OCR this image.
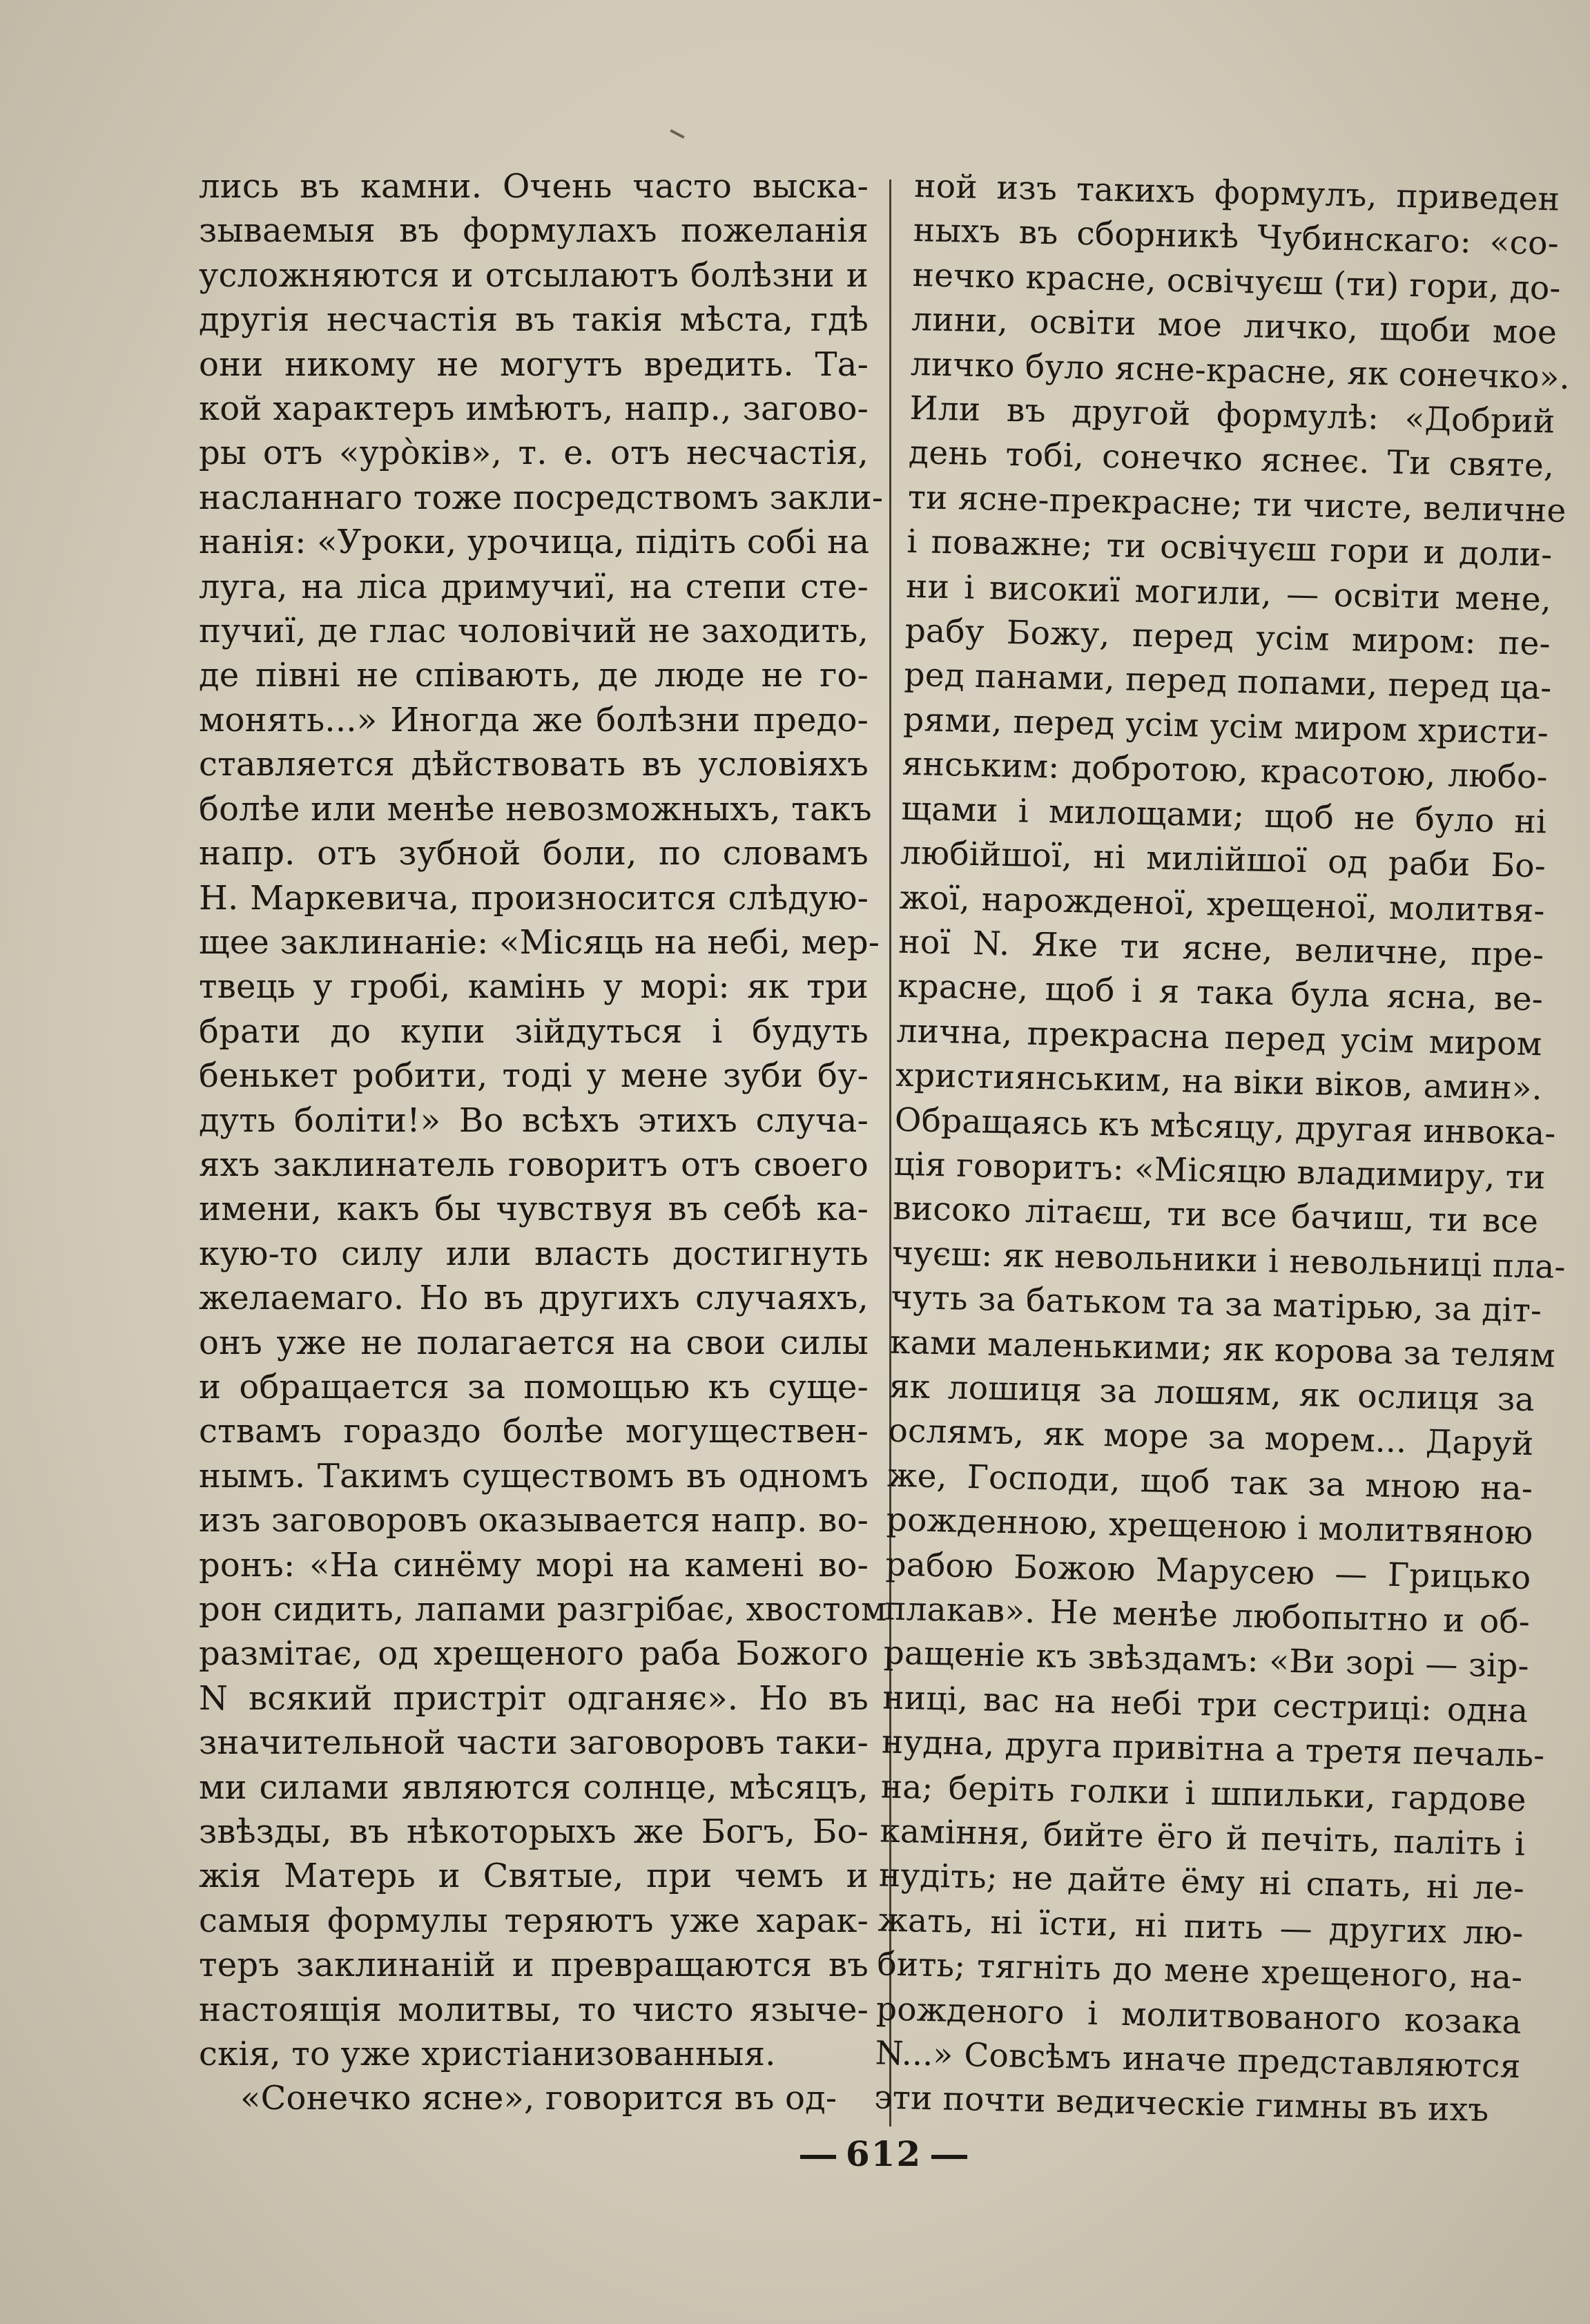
лись въ камни. Очень часто выска-
зываемыя въ формулахъ пожеланія
усложняются и отсылаютъ болѣзни и
другія несчастія въ такія мѣста, гдѣ
они никому не могутъ вредить. Та-
кой характеръ имѣютъ, напр., загово-
ры отъ «урòків», т. е. отъ несчастія,
насланнаго тоже посредствомъ закли-
нанія: «Уроки, урочица, підіть собі на
луга, на ліса дримучиї, на степи сте-
пучиї, де глас чоловічий не заходить,
де півні не співають, де люде не го-
монять...» Иногда же болѣзни предо-
ставляется дѣйствовать въ условіяхъ
болѣе или менѣе невозможныхъ, такъ
напр. отъ зубной боли, по словамъ
Н. Маркевича, произносится слѣдую-
щее заклинаніе: «Місяць на небі, мер-
твець у гробі, камінь у морі: як три
брати до купи зійдуться і будуть
бенькет робити, тоді у мене зуби бу-
дуть боліти!» Во всѣхъ этихъ случа-
яхъ заклинатель говоритъ отъ своего
имени, какъ бы чувствуя въ себѣ ка-
кую-то силу или власть достигнуть
желаемаго. Но въ другихъ случаяхъ,
онъ уже не полагается на свои силы
и обращается за помощью къ суще-
ствамъ гораздо болѣе могуществен-
нымъ. Такимъ существомъ въ одномъ
изъ заговоровъ оказывается напр. во-
ронъ: «На синёму морі на камені во-
рон сидить, лапами разгрібає, хвостом
размітає, од хрещеного раба Божого
N всякий пристріт одганяє». Но въ
значительной части заговоровъ таки-
ми силами являются солнце, мѣсяцъ,
звѣзды, въ нѣкоторыхъ же Богъ, Бо-
жія Матерь и Святые, при чемъ и
самыя формулы теряютъ уже харак-
теръ заклинаній и превращаются въ
настоящія молитвы, то чисто языче-
скія, то уже христіанизованныя.
«Сонечко ясне», говорится въ од-
ной изъ такихъ формулъ, приведен
ныхъ въ сборникѣ Чубинскаго: «со-
нечко красне, освічуєш (ти) гори, до-
лини, освіти мое личко, щоби мое
личко було ясне-красне, як сонечко».
Или въ другой формулѣ: «Добрий
день тобі, сонечко яснеє. Ти святе,
ти ясне-прекрасне; ти чисте, величне
і поважне; ти освічуєш гори и доли-
ни і високиї могили, — освіти мене,
рабу Божу, перед усім миром: пе-
ред панами, перед попами, перед ца-
рями, перед усім усім миром христи-
янським: добротою, красотою, любо-
щами і милощами; щоб не було ні
любійшої, ні милійшої од раби Бо-
жої, нарожденої, хрещеної, молитвя-
ної N. Яке ти ясне, величне, пре-
красне, щоб і я така була ясна, ве-
лична, прекрасна перед усім миром
християнським, на віки віков, амин».
Обращаясь къ мѣсяцу, другая инвока-
ція говоритъ: «Місяцю владимиру, ти
високо літаєш, ти все бачиш, ти все
чуєш: як невольники і невольниці пла-
чуть за батьком та за матірью, за діт-
ками маленькими; як корова за телям
як лошиця за лошям, як ослиця за
ослямъ, як море за морем... Даруй
же, Господи, щоб так за мною на-
рожденною, хрещеною і молитвяною
рабою Божою Марусею — Грицько
плакав». Не менѣе любопытно и об-
ращеніе къ звѣздамъ: «Ви зорі — зір-
ниці, вас на небі три сестриці: одна
нудна, друга привітна а третя печаль-
на; беріть голки і шпильки, гардове
каміння, бийте ёго й печіть, паліть і
нудіть; не дайте ёму ні спать, ні ле-
жать, ні їсти, ні пить — других лю-
бить; тягніть до мене хрещеного, на-
рожденого і молитвованого козака
N...» Совсѣмъ иначе представляются
эти почти ведическіе гимны въ ихъ
612
